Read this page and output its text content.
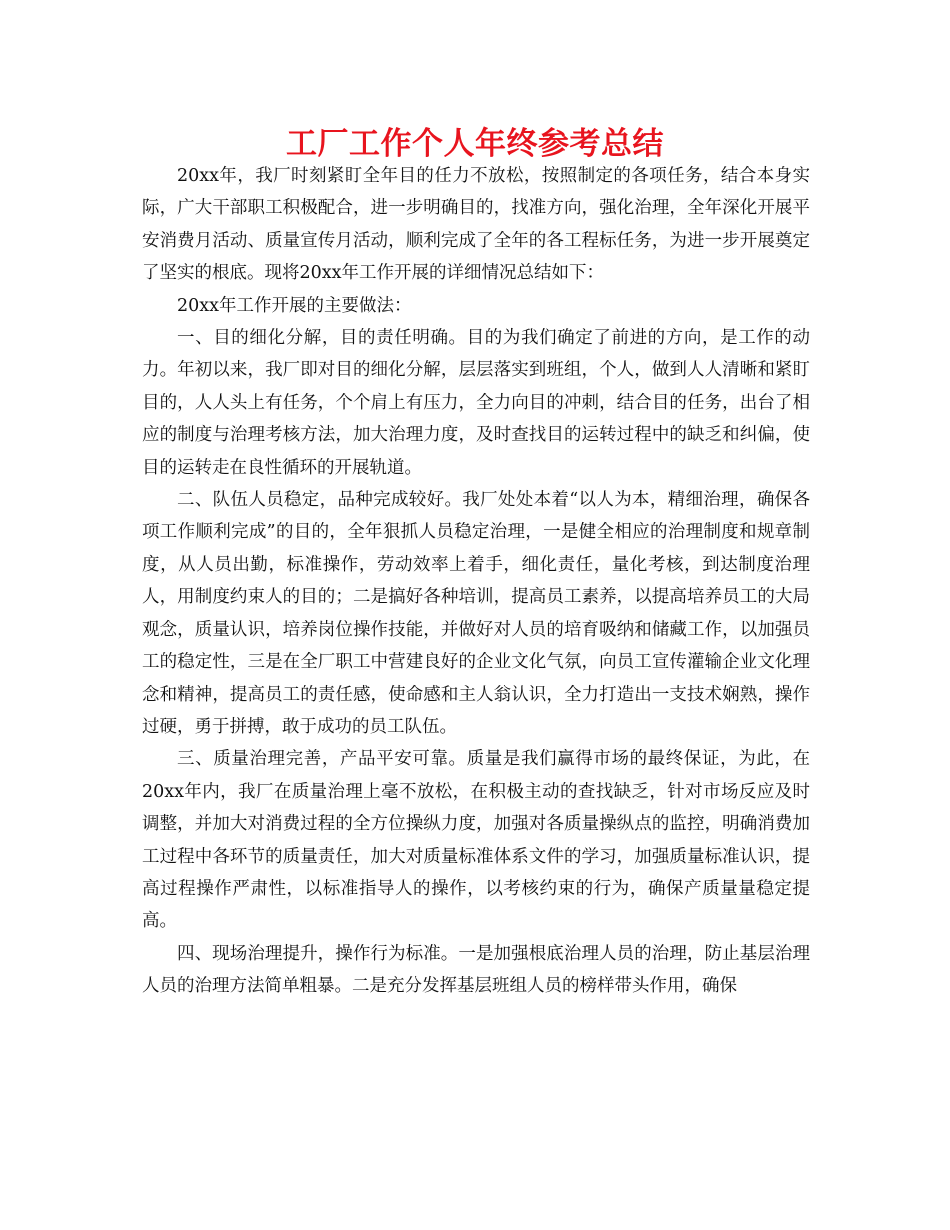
工厂工作个人年终参考总结

20xx年，我厂时刻紧盯全年目的任力不放松，按照制定的各项任务，结合本身实际，广大干部职工积极配合，进一步明确目的，找准方向，强化治理，全年深化开展平安消费月活动、质量宣传月活动，顺利完成了全年的各工程标任务，为进一步开展奠定了坚实的根底。现将20xx年工作开展的详细情况总结如下：

20xx年工作开展的主要做法：

一、目的细化分解，目的责任明确。目的为我们确定了前进的方向，是工作的动力。年初以来，我厂即对目的细化分解，层层落实到班组，个人，做到人人清晰和紧盯目的，人人头上有任务，个个肩上有压力，全力向目的冲刺，结合目的任务，出台了相应的制度与治理考核方法，加大治理力度，及时查找目的运转过程中的缺乏和纠偏，使目的运转走在良性循环的开展轨道。

二、队伍人员稳定，品种完成较好。我厂处处本着“以人为本，精细治理，确保各项工作顺利完成”的目的，全年狠抓人员稳定治理，一是健全相应的治理制度和规章制度，从人员出勤，标准操作，劳动效率上着手，细化责任，量化考核，到达制度治理人，用制度约束人的目的；二是搞好各种培训，提高员工素养，以提高培养员工的大局观念，质量认识，培养岗位操作技能，并做好对人员的培育吸纳和储藏工作，以加强员工的稳定性，三是在全厂职工中营建良好的企业文化气氛，向员工宣传灌输企业文化理念和精神，提高员工的责任感，使命感和主人翁认识，全力打造出一支技术娴熟，操作过硬，勇于拼搏，敢于成功的员工队伍。

三、质量治理完善，产品平安可靠。质量是我们赢得市场的最终保证，为此，在20xx年内，我厂在质量治理上毫不放松，在积极主动的查找缺乏，针对市场反应及时调整，并加大对消费过程的全方位操纵力度，加强对各质量操纵点的监控，明确消费加工过程中各环节的质量责任，加大对质量标准体系文件的学习，加强质量标准认识，提高过程操作严肃性，以标准指导人的操作，以考核约束的行为，确保产质量量稳定提高。

四、现场治理提升，操作行为标准。一是加强根底治理人员的治理，防止基层治理人员的治理方法简单粗暴。二是充分发挥基层班组人员的榜样带头作用，确保
